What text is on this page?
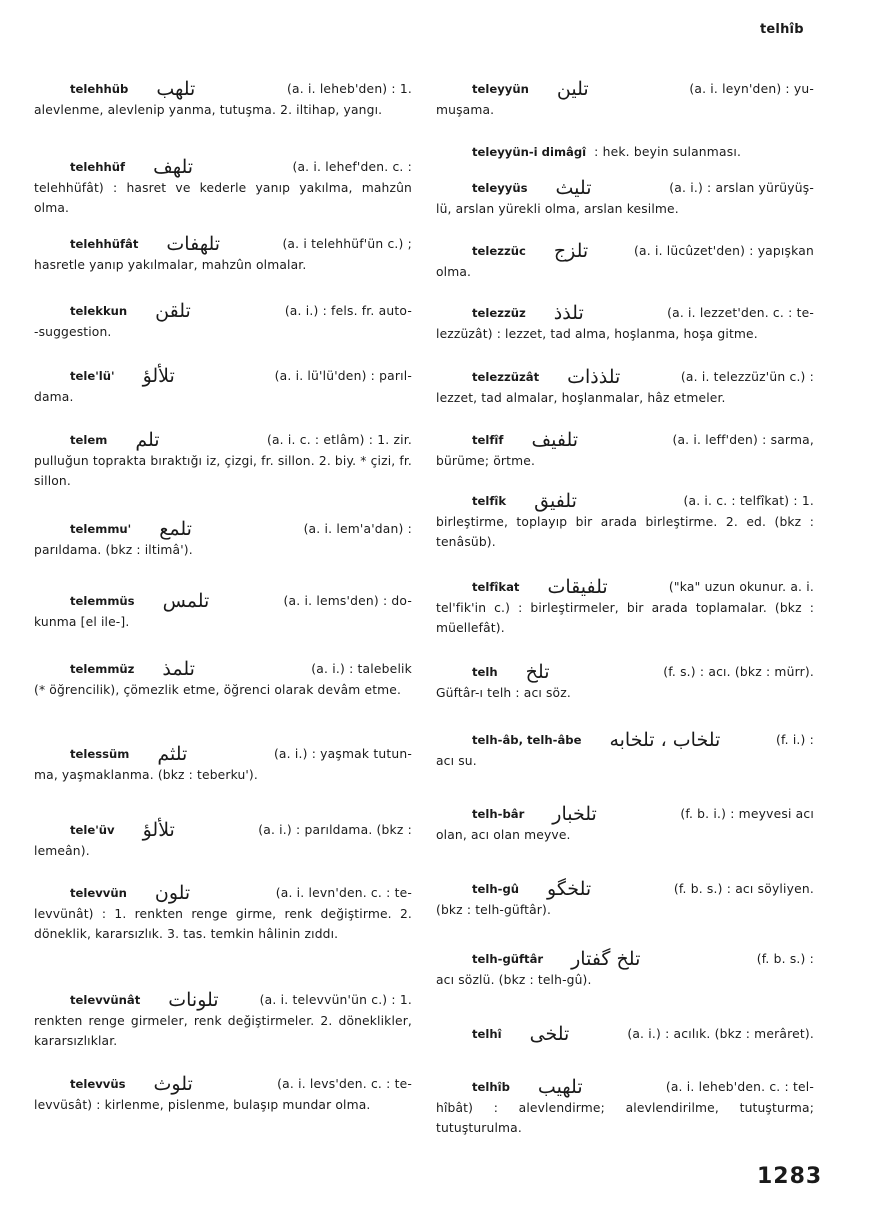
telhîb
telehhüb تلهب	(a. i. leheb'den) : 1.
alevlenme, alevlenip yanma, tutuşma. 2. iltihap, yangı.
telehhüf تلهف	(a. i. lehef'den. c. :
telehhüfât) : hasret ve kederle yanıp yakılma, mahzûn olma.
telehhüfât تلهفات	(a. i telehhüf'ün c.) ;
hasretle yanıp yakılmalar, mahzûn olmalar.
telekkun تلقن	(a. i.) : fels. fr. auto-
-suggestion.
tele'lü' تلألؤ	(a. i. lü'lü'den) : parıl-
dama.
telem تلم	(a. i. c. : etlâm) : 1. zir.
pulluğun toprakta bıraktığı iz, çizgi, fr. sillon. 2. biy. * çizi, fr. sillon.
telemmu' تلمع	(a. i. lem'a'dan) :
parıldama. (bkz : iltimâ').
telemmüs تلمس	(a. i. lems'den) : do-
kunma [el ile-].
telemmüz تلمذ	(a. i.) : talebelik
(* öğrencilik), çömezlik etme, öğrenci olarak devâm etme.
telessüm تلثم	(a. i.) : yaşmak tutun-
ma, yaşmaklanma. (bkz : teberku').
tele'üv تلألؤ	(a. i.) : parıldama. (bkz :
lemeân).
televvün تلون	(a. i. levn'den. c. : te-
levvünât) : 1. renkten renge girme, renk değiştirme. 2. döneklik, kararsızlık. 3. tas. temkin hâlinin zıddı.
televvünât تلونات	(a. i. televvün'ün c.) : 1.
renkten renge girmeler, renk değiştirmeler. 2. döneklikler, kararsızlıklar.
televvüs تلوث	(a. i. levs'den. c. : te-
levvüsât) : kirlenme, pislenme, bulaşıp mundar olma.
teleyyün تلين	(a. i. leyn'den) : yu-
muşama.
teleyyün-i dimâgî : hek. beyin sulanması.
teleyyüs تليث	(a. i.) : arslan yürüyüş-
lü, arslan yürekli olma, arslan kesilme.
telezzüc تلزج	(a. i. lücûzet'den) : yapışkan
olma.
telezzüz تلذذ	(a. i. lezzet'den. c. : te-
lezzüzât) : lezzet, tad alma, hoşlanma, hoşa gitme.
telezzüzât تلذذات	(a. i. telezzüz'ün c.) :
lezzet, tad almalar, hoşlanmalar, hâz etmeler.
telfîf تلفيف	(a. i. leff'den) : sarma,
bürüme; örtme.
telfîk تلفيق	(a. i. c. : telfîkat) : 1.
birleştirme, toplayıp bir arada birleştirme. 2. ed. (bkz : tenâsüb).
telfîkat تلفيقات	("ka" uzun okunur. a. i.
tel'fik'in c.) : birleştirmeler, bir arada toplamalar. (bkz : müellefât).
telh تلخ	(f. s.) : acı. (bkz : mürr).
Güftâr-ı telh : acı söz.
telh-âb, telh-âbe تلخاب ، تلخابه	(f. i.) :
acı su.
telh-bâr تلخبار	(f. b. i.) : meyvesi acı
olan, acı olan meyve.
telh-gû تلخگو	(f. b. s.) : acı söyliyen.
(bkz : telh-güftâr).
telh-güftâr تلخ گفتار	(f. b. s.) :
acı sözlü. (bkz : telh-gû).
telhî تلخى	(a. i.) : acılık. (bkz : merâret).
telhîb تلهيب	(a. i. leheb'den. c. : tel-
hîbât) : alevlendirme; alevlendirilme, tutuşturma; tutuşturulma.
1283
